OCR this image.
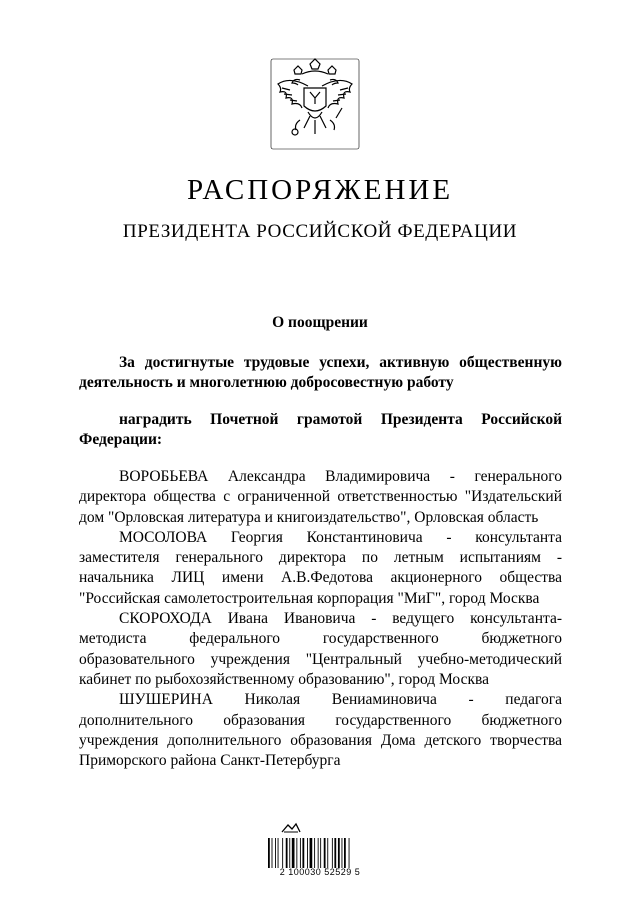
РАСПОРЯЖЕНИЕ
ПРЕЗИДЕНТА РОССИЙСКОЙ ФЕДЕРАЦИИ
О поощрении
За достигнутые трудовые успехи, активную общественную деятельность и многолетнюю добросовестную работу
наградить Почетной грамотой Президента Российской Федерации:

ВОРОБЬЕВА Александра Владимировича - генерального директора общества с ограниченной ответственностью "Издательский дом "Орловская литература и книгоиздательство", Орловская область

МОСОЛОВА Георгия Константиновича - консультанта заместителя генерального директора по летным испытаниям - начальника ЛИЦ имени А.В.Федотова акционерного общества "Российская самолетостроительная корпорация "МиГ", город Москва

СКОРОХОДА Ивана Ивановича - ведущего консультанта-методиста федерального государственного бюджетного образовательного учреждения "Центральный учебно-методический кабинет по рыбохозяйственному образованию", город Москва

ШУШЕРИНА Николая Вениаминовича - педагога дополнительного образования государственного бюджетного учреждения дополнительного образования Дома детского творчества Приморского района Санкт-Петербурга

2 100030 52529 5
